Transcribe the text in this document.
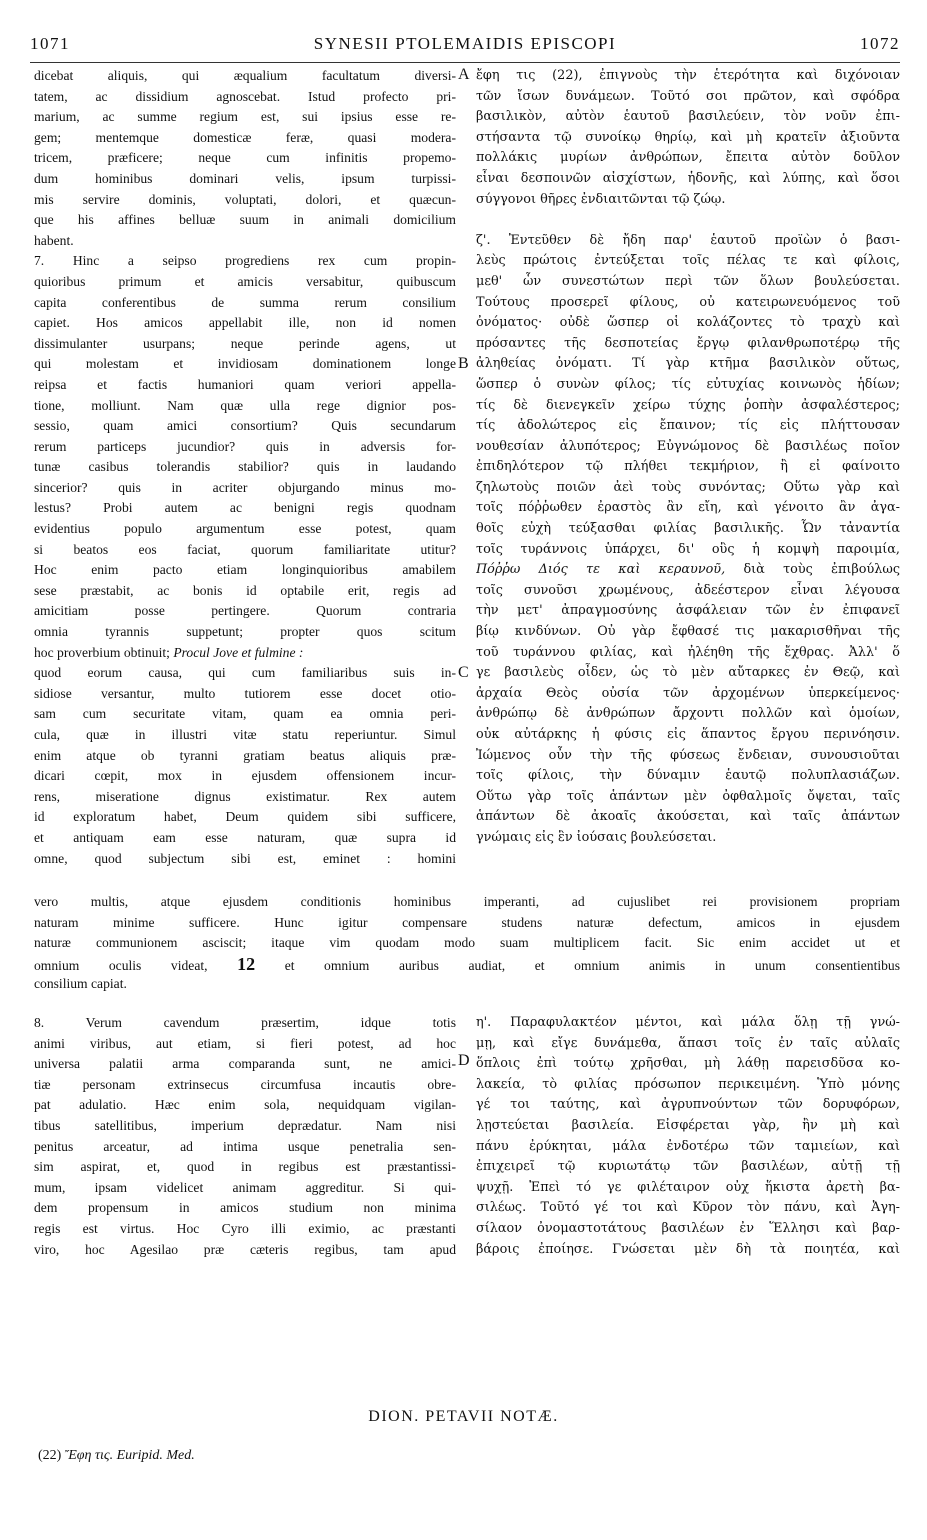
1071	SYNESII PTOLEMAIDIS EPISCOPI	1072
dicebat aliquis, qui æqualium facultatum diversi-
tatem, ac dissidium agnoscebat. Istud profecto pri-
marium, ac summe regium est, sui ipsius esse re-
gem; mentemque domesticæ feræ, quasi modera-
tricem, præficere; neque cum infinitis propemo-
dum hominibus dominari velis, ipsum turpissi-
mis servire dominis, voluptati, dolori, et quæcun-
que his affines belluæ suum in animali domicilium
habent.
7. Hinc a seipso progrediens rex cum propin-
quioribus primum et amicis versabitur, quibuscum
capita conferentibus de summa rerum consilium
capiet. Hos amicos appellabit ille, non id nomen
dissimulanter usurpans; neque perinde agens, ut
qui molestam et invidiosam dominationem longe
reipsa et factis humaniori quam veriori appella-
tione, molliunt. Nam quæ ulla rege dignior pos-
sessio, quam amici consortium? Quis secundarum
rerum particeps jucundior? quis in adversis for-
tunæ casibus tolerandis stabilior? quis in laudando
sincerior? quis in acriter objurgando minus mo-
lestus? Probi autem ac benigni regis quodnam
evidentius populo argumentum esse potest, quam
si beatos eos faciat, quorum familiaritate utitur?
Hoc enim pacto etiam longinquioribus amabilem
sese præstabit, ac bonis id optabile erit, regis ad
amicitiam posse pertingere. Quorum contraria
omnia tyrannis suppetunt; propter quos scitum
hoc proverbium obtinuit; Procul Jove et fulmine :
quod eorum causa, qui cum familiaribus suis in-
sidiose versantur, multo tutiorem esse docet otio-
sam cum securitate vitam, quam ea omnia peri-
cula, quæ in illustri vitæ statu reperiuntur. Simul
enim atque ob tyranni gratiam beatus aliquis præ-
dicari cœpit, mox in ejusdem offensionem incur-
rens, miseratione dignus existimatur. Rex autem
id exploratum habet, Deum quidem sibi sufficere,
et antiquam eam esse naturam, quæ supra id
omne, quod subjectum sibi est, eminet : homini
ἔφη τις (22), ἐπιγνοὺς τὴν ἑτερότητα καὶ διχόνοιαν
τῶν ἴσων δυνάμεων. Τοῦτό σοι πρῶτον, καὶ σφόδρα
βασιλικὸν, αὐτὸν ἑαυτοῦ βασιλεύειν, τὸν νοῦν ἐπι-
στήσαντα τῷ συνοίκῳ θηρίῳ, καὶ μὴ κρατεῖν ἀξιοῦντα
πολλάκις μυρίων ἀνθρώπων, ἔπειτα αὐτὸν δοῦλον
εἶναι δεσποινῶν αἰσχίστων, ἡδονῆς, καὶ λύπης, καὶ ὅσοι
σύγγονοι θῆρες ἐνδιαιτῶνται τῷ ζώῳ.
ζ'. Ἐντεῦθεν δὲ ἤδη παρ' ἑαυτοῦ προϊὼν ὁ βασι-
λεὺς πρώτοις ἐντεύξεται τοῖς πέλας τε καὶ φίλοις,
μεθ' ὧν συνεστώτων περὶ τῶν ὅλων βουλεύσεται.
Τούτους προσερεῖ φίλους, οὐ κατειρωνευόμενος τοῦ
ὀνόματος· οὐδὲ ὥσπερ οἱ κολάζοντες τὸ τραχὺ καὶ
πρόσαντες τῆς δεσποτείας ἔργῳ φιλανθρωποτέρῳ τῆς
ἀληθείας ὀνόματι. Τί γὰρ κτῆμα βασιλικὸν οὕτως,
ὥσπερ ὁ συνὼν φίλος; τίς εὐτυχίας κοινωνὸς ἡδίων;
τίς δὲ διενεγκεῖν χείρω τύχης ῥοπὴν ἀσφαλέστερος;
τίς ἀδολώτερος εἰς ἔπαινον; τίς εἰς πλήττουσαν
νουθεσίαν ἀλυπότερος; Εὐγνώμονος δὲ βασιλέως ποῖον
ἐπιδηλότερον τῷ πλήθει τεκμήριον, ἢ εἰ φαίνοιτο
ζηλωτοὺς ποιῶν ἀεὶ τοὺς συνόντας; Οὕτω γὰρ καὶ
τοῖς πόῤῥωθεν ἐραστὸς ἂν εἴη, καὶ γένοιτο ἂν ἀγα-
θοῖς εὐχὴ τεύξασθαι φιλίας βασιλικῆς. Ὧν τἀναντία
τοῖς τυράννοις ὑπάρχει, δι' οὓς ἡ κομψὴ παροιμία,
Πόῤῥω Διός τε καὶ κεραυνοῦ, διὰ τοὺς ἐπιβούλως
τοῖς συνοῦσι χρωμένους, ἀδεέστερον εἶναι λέγουσα
τὴν μετ' ἀπραγμοσύνης ἀσφάλειαν τῶν ἐν ἐπιφανεῖ
βίῳ κινδύνων. Οὐ γὰρ ἔφθασέ τις μακαρισθῆναι τῆς
τοῦ τυράννου φιλίας, καὶ ἠλέηθη τῆς ἔχθρας. Ἀλλ' ὅ
γε βασιλεὺς οἶδεν, ὡς τὸ μὲν αὔταρκες ἐν Θεῷ, καὶ
ἀρχαία Θεὸς οὐσία τῶν ἀρχομένων ὑπερκείμενος·
ἀνθρώπῳ δὲ ἀνθρώπων ἄρχοντι πολλῶν καὶ ὁμοίων,
οὐκ αὐτάρκης ἡ φύσις εἰς ἅπαντος ἔργου περινόησιν.
Ἰώμενος οὖν τὴν τῆς φύσεως ἔνδειαν, συνουσιοῦται
τοῖς φίλοις, τὴν δύναμιν ἑαυτῷ πολυπλασιάζων.
Οὕτω γὰρ τοῖς ἁπάντων μὲν ὀφθαλμοῖς ὄψεται, ταῖς
ἁπάντων δὲ ἀκοαῖς ἀκούσεται, καὶ ταῖς ἁπάντων
γνώμαις εἰς ἓν ἰούσαις βουλεύσεται.
A
B
C
D
vero multis, atque ejusdem conditionis hominibus imperanti, ad cujuslibet rei provisionem propriam
naturam minime sufficere. Hunc igitur compensare studens naturæ defectum, amicos in ejusdem
naturæ communionem asciscit; itaque vim quodam modo suam multiplicem facit. Sic enim accidet ut et
omnium oculis videat, 12 et omnium auribus audiat, et omnium animis in unum consentientibus
consilium capiat.
8. Verum cavendum præsertim, idque totis
animi viribus, aut etiam, si fieri potest, ad hoc
universa palatii arma comparanda sunt, ne amici-
tiæ personam extrinsecus circumfusa incautis obre-
pat adulatio. Hæc enim sola, nequidquam vigilan-
tibus satellitibus, imperium deprædatur. Nam nisi
penitus arceatur, ad intima usque penetralia sen-
sim aspirat, et, quod in regibus est præstantissi-
mum, ipsam videlicet animam aggreditur. Si qui-
dem propensum in amicos studium non minima
regis est virtus. Hoc Cyro illi eximio, ac præstanti
viro, hoc Agesilao præ cæteris regibus, tam apud
η'. Παραφυλακτέον μέντοι, καὶ μάλα ὅλῃ τῇ γνώ-
μῃ, καὶ εἴγε δυνάμεθα, ἅπασι τοῖς ἐν ταῖς αὐλαῖς
ὅπλοις ἐπὶ τούτῳ χρῆσθαι, μὴ λάθῃ παρεισδῦσα κο-
λακεία, τὸ φιλίας πρόσωπον περικειμένη. Ὑπὸ μόνης
γέ τοι ταύτης, καὶ ἀγρυπνούντων τῶν δορυφόρων,
λῃστεύεται βασιλεία. Εἰσφέρεται γὰρ, ἢν μὴ καὶ
πάνυ ἐρύκηται, μάλα ἐνδοτέρω τῶν ταμιείων, καὶ
ἐπιχειρεῖ τῷ κυριωτάτῳ τῶν βασιλέων, αὐτῇ τῇ
ψυχῇ. Ἐπεὶ τό γε φιλέταιρον οὐχ ἥκιστα ἀρετὴ βα-
σιλέως. Τοῦτό γέ τοι καὶ Κῦρον τὸν πάνυ, καὶ Ἀγη-
σίλαον ὀνομαστοτάτους βασιλέων ἐν Ἕλλησι καὶ βαρ-
βάροις ἐποίησε. Γνώσεται μὲν δὴ τὰ ποιητέα, καὶ
DION. PETAVII NOTÆ.
(22) Ἔφη τις. Euripid. Med.
